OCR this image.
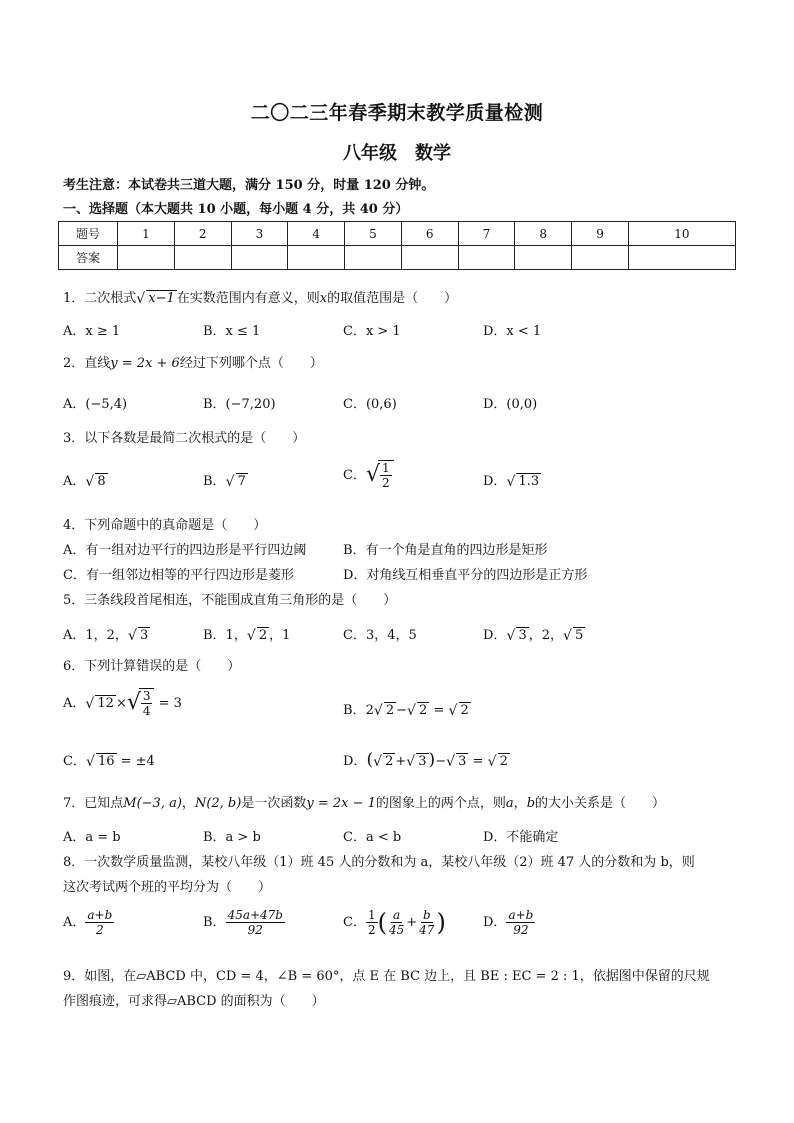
二〇二三年春季期末教学质量检测
八年级　数学
考生注意：本试卷共三道大题，满分 150 分，时量 120 分钟。
一、选择题（本大题共 10 小题，每小题 4 分，共 40 分）
题号	1	2	3	4	5	6	7	8	9	10
答案										
1．二次根式 √ x−1 在实数范围内有意义，则x的取值范围是（　　）
A．x ≥ 1	B．x ≤ 1	C．x > 1	D．x < 1
2．直线y = 2x + 6经过下列哪个点（　　）
A．(−5,4)	B．(−7,20)	C．(0,6)	D．(0,0)
3．以下各数是最简二次根式的是（　　）
A． √ 8	B． √ 7	C． √ $\frac{1}{2}$	D． √ 1.3
4．下列命题中的真命题是（　　）
A．有一组对边平行的四边形是平行四边阈	B．有一个角是直角的四边形是矩形
C．有一组邻边相等的平行四边形是菱形	D．对角线互相垂直平分的四边形是正方形
5．三条线段首尾相连，不能围成直角三角形的是（　　）
A．1，2， √ 3	B．1， √ 2 ，1	C．3，4，5	D． √ 3 ，2， √ 5
6．下列计算错误的是（　　）
A． √ 12 × √ $\frac{3}{4} = 3$	B．2 √ 2 − √ 2 = √ 2
C． √ 16 = ±4	D．( √ 2 + √ 3 )− √ 3 = √ 2
7．已知点M(−3, a)，N(2, b)是一次函数y = 2x − 1的图象上的两个点，则a，b的大小关系是（　　）
A．a = b	B．a > b	C．a < b	D．不能确定
8．一次数学质量监测，某校八年级（1）班 45 人的分数和为 a，某校八年级（2）班 47 人的分数和为 b，则
这次考试两个班的平均分为（　　）
A． $\frac{a+b}{2}$	B． $\frac{45a+47b}{92}$	C． $\frac{1}{2}$ ( $\frac{a}{45} + \frac{b}{47}$ )	D． $\frac{a+b}{92}$
9．如图，在▱ABCD 中，CD = 4，∠B = 60°，点 E 在 BC 边上，且 BE : EC = 2 : 1，依据图中保留的尺规
作图痕迹，可求得▱ABCD 的面积为（　　）
